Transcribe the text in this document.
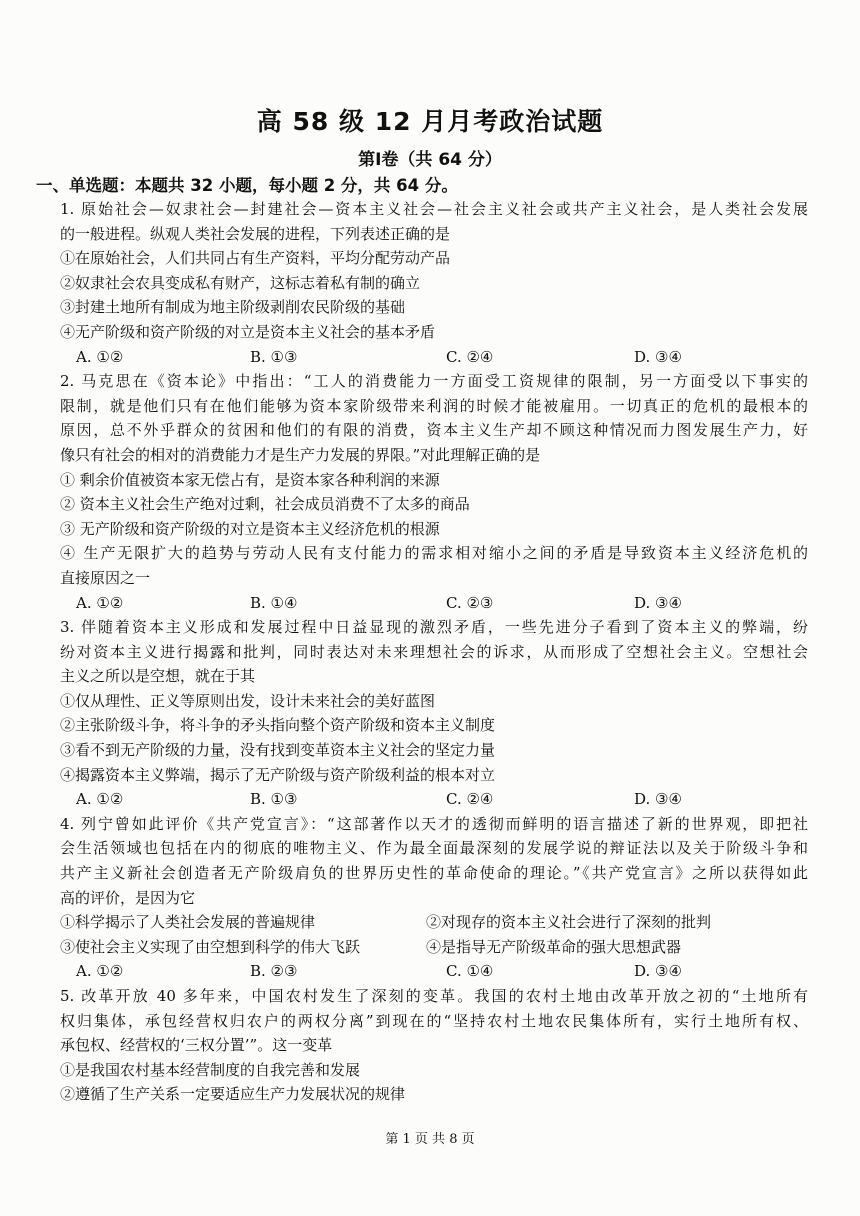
高 58 级 12 月月考政治试题
第Ⅰ卷（共 64 分）
一、单选题：本题共 32 小题，每小题 2 分，共 64 分。
1. 原始社会—奴隶社会—封建社会—资本主义社会—社会主义社会或共产主义社会，是人类社会发展
的一般进程。纵观人类社会发展的进程，下列表述正确的是
①在原始社会，人们共同占有生产资料，平均分配劳动产品
②奴隶社会农具变成私有财产，这标志着私有制的确立
③封建土地所有制成为地主阶级剥削农民阶级的基础
④无产阶级和资产阶级的对立是资本主义社会的基本矛盾
A. ①②	B. ①③	C. ②④	D. ③④
2. 马克思在《资本论》中指出：“工人的消费能力一方面受工资规律的限制，另一方面受以下事实的
限制，就是他们只有在他们能够为资本家阶级带来利润的时候才能被雇用。一切真正的危机的最根本的
原因，总不外乎群众的贫困和他们的有限的消费，资本主义生产却不顾这种情况而力图发展生产力，好
像只有社会的相对的消费能力才是生产力发展的界限。”对此理解正确的是
① 剩余价值被资本家无偿占有，是资本家各种利润的来源
② 资本主义社会生产绝对过剩，社会成员消费不了太多的商品
③ 无产阶级和资产阶级的对立是资本主义经济危机的根源
④ 生产无限扩大的趋势与劳动人民有支付能力的需求相对缩小之间的矛盾是导致资本主义经济危机的
直接原因之一
A. ①②	B. ①④	C. ②③	D. ③④
3. 伴随着资本主义形成和发展过程中日益显现的激烈矛盾，一些先进分子看到了资本主义的弊端，纷
纷对资本主义进行揭露和批判，同时表达对未来理想社会的诉求，从而形成了空想社会主义。空想社会
主义之所以是空想，就在于其
①仅从理性、正义等原则出发，设计未来社会的美好蓝图
②主张阶级斗争，将斗争的矛头指向整个资产阶级和资本主义制度
③看不到无产阶级的力量，没有找到变革资本主义社会的坚定力量
④揭露资本主义弊端，揭示了无产阶级与资产阶级利益的根本对立
A. ①②	B. ①③	C. ②④	D. ③④
4. 列宁曾如此评价《共产党宣言》：“这部著作以天才的透彻而鲜明的语言描述了新的世界观，即把社
会生活领域也包括在内的彻底的唯物主义、作为最全面最深刻的发展学说的辩证法以及关于阶级斗争和
共产主义新社会创造者无产阶级肩负的世界历史性的革命使命的理论。”《共产党宣言》之所以获得如此
高的评价，是因为它
①科学揭示了人类社会发展的普遍规律	②对现存的资本主义社会进行了深刻的批判
③使社会主义实现了由空想到科学的伟大飞跃	④是指导无产阶级革命的强大思想武器
A. ①②	B. ②③	C. ①④	D. ③④
5. 改革开放 40 多年来，中国农村发生了深刻的变革。我国的农村土地由改革开放之初的“土地所有
权归集体，承包经营权归农户的两权分离”到现在的“坚持农村土地农民集体所有，实行土地所有权、
承包权、经营权的‘三权分置’”。这一变革
①是我国农村基本经营制度的自我完善和发展
②遵循了生产关系一定要适应生产力发展状况的规律
第 1 页 共 8 页
